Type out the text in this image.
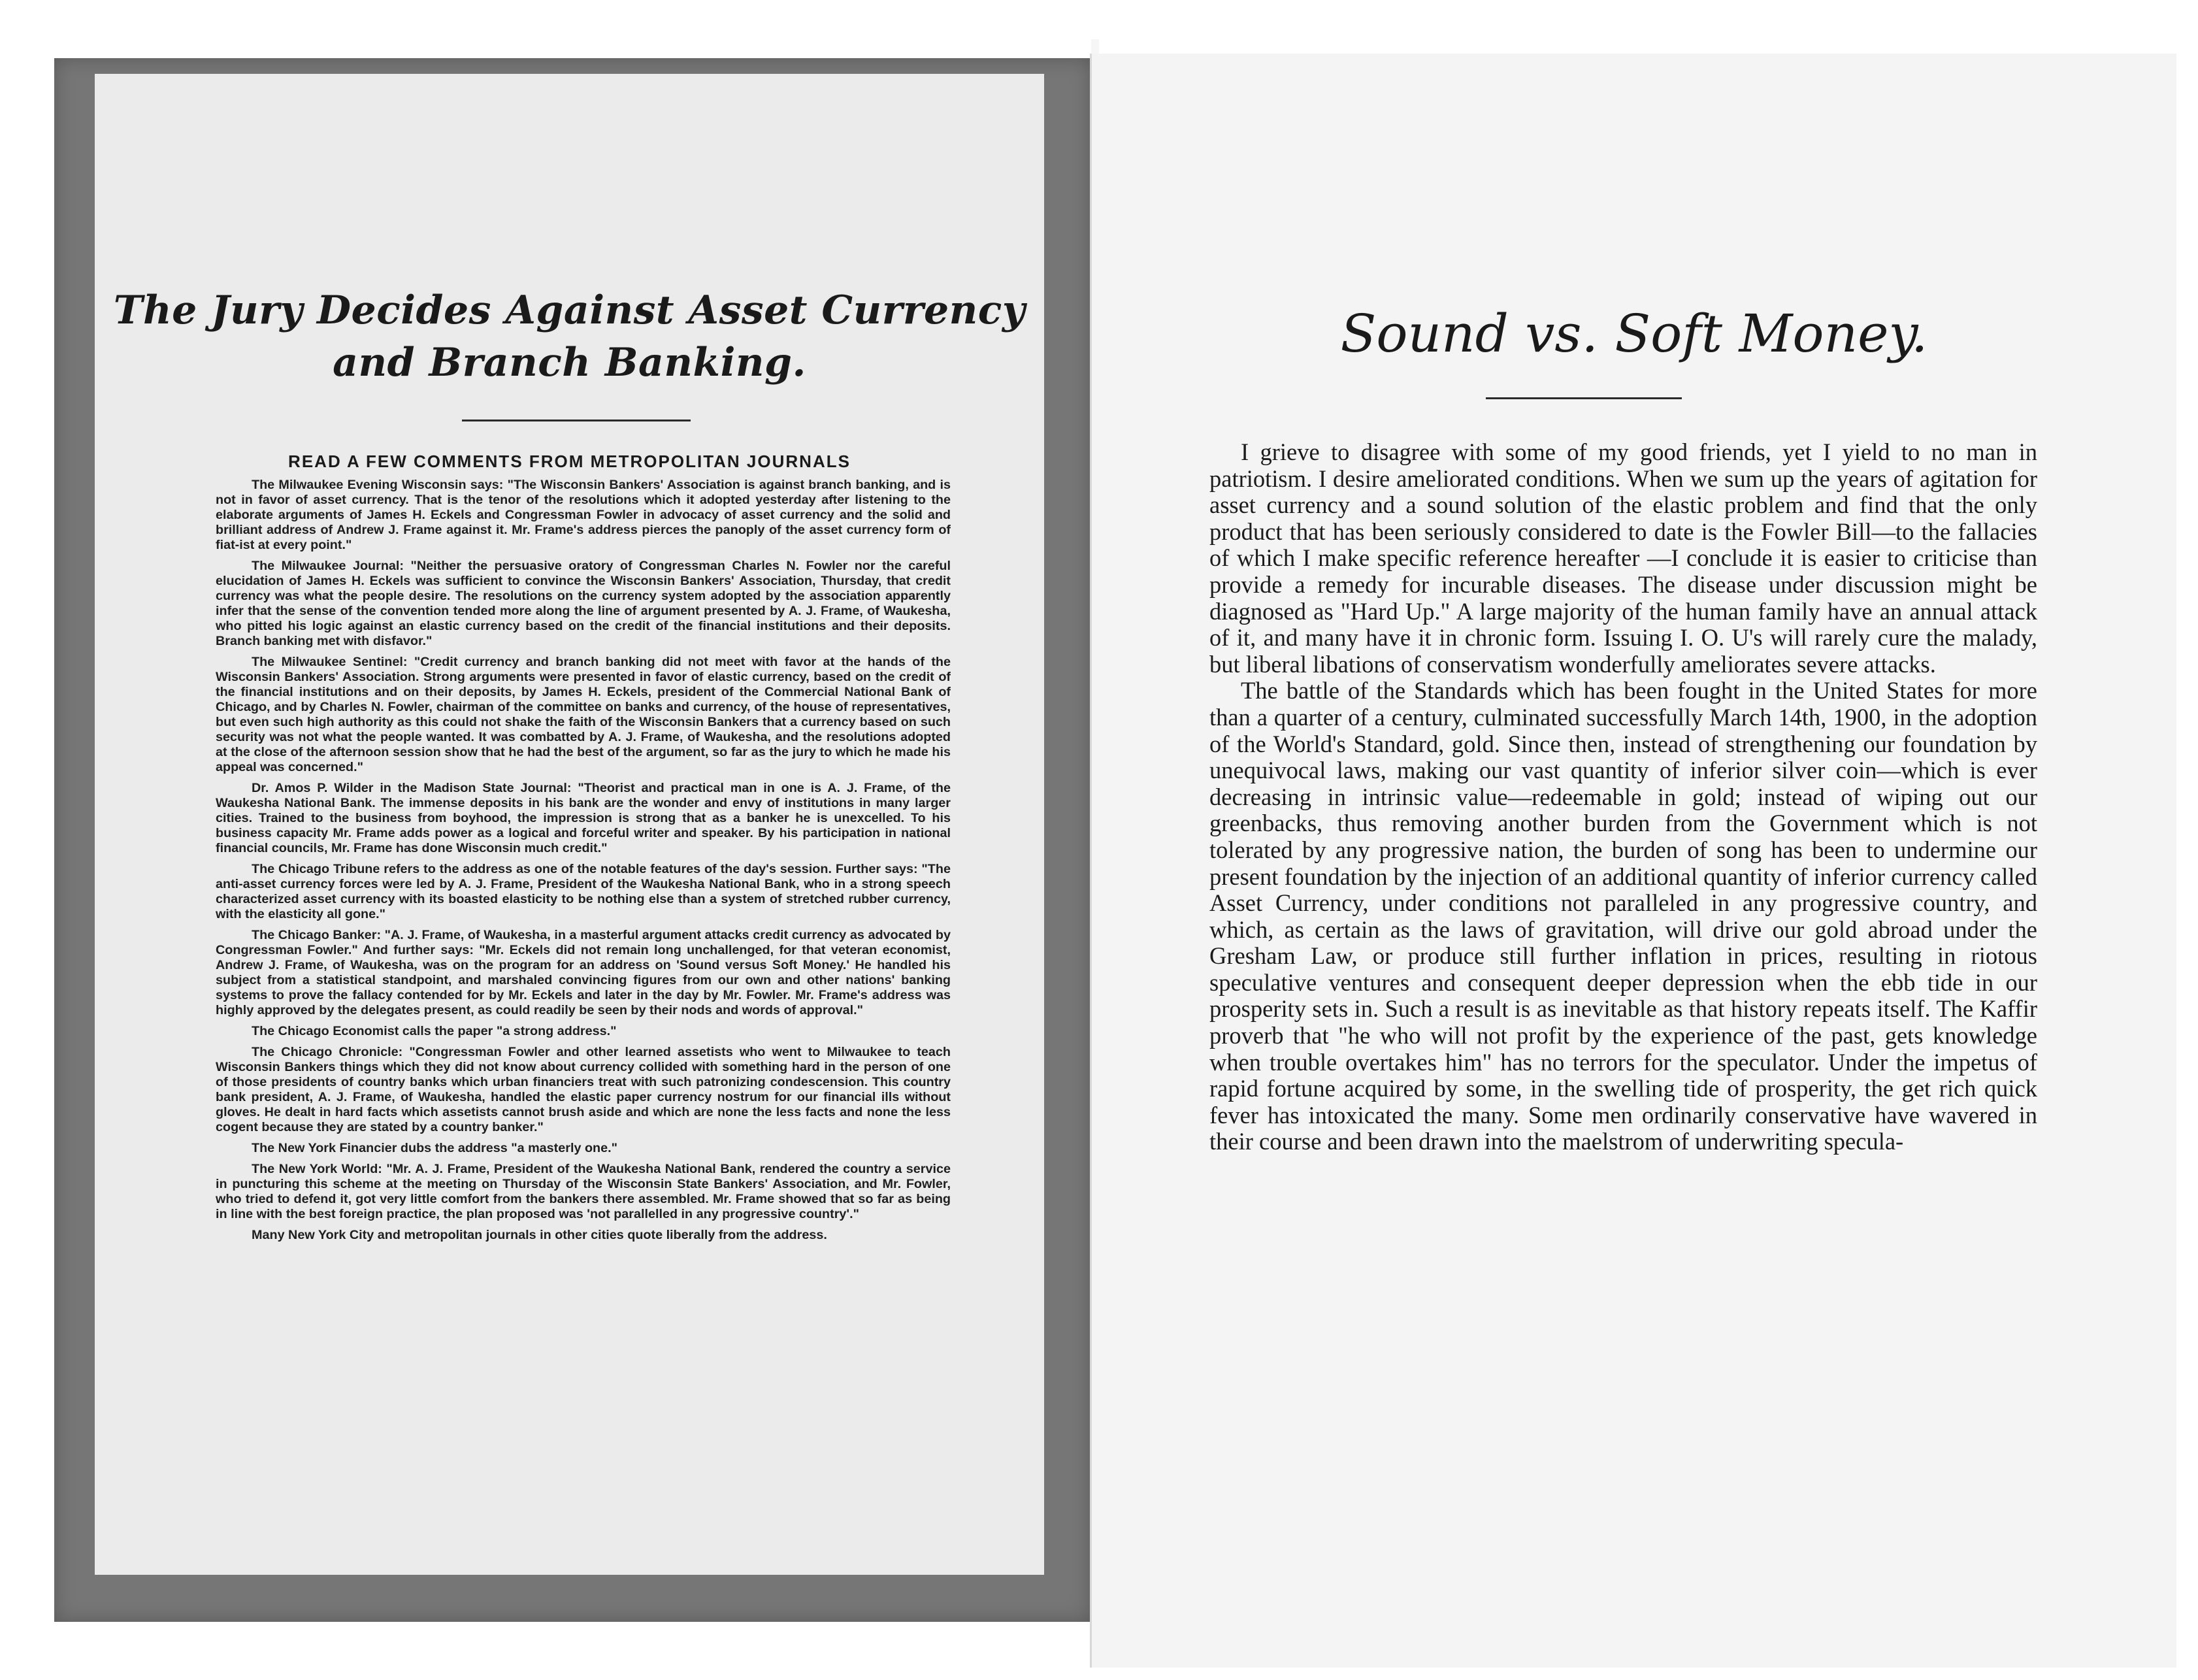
The Jury Decides Against Asset Currency
and Branch Banking.
READ A FEW COMMENTS FROM METROPOLITAN JOURNALS

The Milwaukee Evening Wisconsin says: "The Wisconsin Bankers' Association is against branch banking, and is not in favor of asset currency. That is the tenor of the resolutions which it adopted yesterday after listening to the elaborate arguments of James H. Eckels and Congressman Fowler in advocacy of asset currency and the solid and brilliant address of Andrew J. Frame against it. Mr. Frame's address pierces the panoply of the asset currency form of fiat-ist at every point."

The Milwaukee Journal: "Neither the persuasive oratory of Congressman Charles N. Fowler nor the careful elucidation of James H. Eckels was sufficient to convince the Wisconsin Bankers' Association, Thursday, that credit currency was what the people desire. The resolutions on the currency system adopted by the association apparently infer that the sense of the convention tended more along the line of argument presented by A. J. Frame, of Waukesha, who pitted his logic against an elastic currency based on the credit of the financial institutions and their deposits. Branch banking met with disfavor."

The Milwaukee Sentinel: "Credit currency and branch banking did not meet with favor at the hands of the Wisconsin Bankers' Association. Strong arguments were presented in favor of elastic currency, based on the credit of the financial institutions and on their deposits, by James H. Eckels, president of the Commercial National Bank of Chicago, and by Charles N. Fowler, chairman of the committee on banks and currency, of the house of representatives, but even such high authority as this could not shake the faith of the Wisconsin Bankers that a currency based on such security was not what the people wanted. It was combatted by A. J. Frame, of Waukesha, and the resolutions adopted at the close of the afternoon session show that he had the best of the argument, so far as the jury to which he made his appeal was concerned."

Dr. Amos P. Wilder in the Madison State Journal: "Theorist and practical man in one is A. J. Frame, of the Waukesha National Bank. The immense deposits in his bank are the wonder and envy of institutions in many larger cities. Trained to the business from boyhood, the impression is strong that as a banker he is unexcelled. To his business capacity Mr. Frame adds power as a logical and forceful writer and speaker. By his participation in national financial councils, Mr. Frame has done Wisconsin much credit."

The Chicago Tribune refers to the address as one of the notable features of the day's session. Further says: "The anti-asset currency forces were led by A. J. Frame, President of the Waukesha National Bank, who in a strong speech characterized asset currency with its boasted elasticity to be nothing else than a system of stretched rubber currency, with the elasticity all gone."

The Chicago Banker: "A. J. Frame, of Waukesha, in a masterful argument attacks credit currency as advocated by Congressman Fowler." And further says: "Mr. Eckels did not remain long unchallenged, for that veteran economist, Andrew J. Frame, of Waukesha, was on the program for an address on 'Sound versus Soft Money.' He handled his subject from a statistical standpoint, and marshaled convincing figures from our own and other nations' banking systems to prove the fallacy contended for by Mr. Eckels and later in the day by Mr. Fowler. Mr. Frame's address was highly approved by the delegates present, as could readily be seen by their nods and words of approval."

The Chicago Economist calls the paper "a strong address."

The Chicago Chronicle: "Congressman Fowler and other learned assetists who went to Milwaukee to teach Wisconsin Bankers things which they did not know about currency collided with something hard in the person of one of those presidents of country banks which urban financiers treat with such patronizing condescension. This country bank president, A. J. Frame, of Waukesha, handled the elastic paper currency nostrum for our financial ills without gloves. He dealt in hard facts which assetists cannot brush aside and which are none the less facts and none the less cogent because they are stated by a country banker."

The New York Financier dubs the address "a masterly one."

The New York World: "Mr. A. J. Frame, President of the Waukesha National Bank, rendered the country a service in puncturing this scheme at the meeting on Thursday of the Wisconsin State Bankers' Association, and Mr. Fowler, who tried to defend it, got very little comfort from the bankers there assembled. Mr. Frame showed that so far as being in line with the best foreign practice, the plan proposed was 'not parallelled in any progressive country'."

Many New York City and metropolitan journals in other cities quote liberally from the address.

Sound vs. Soft Money.

I grieve to disagree with some of my good friends, yet I yield to no man in patriotism. I desire ameliorated conditions. When we sum up the years of agitation for asset currency and a sound solution of the elastic problem and find that the only product that has been seriously considered to date is the Fowler Bill—to the fallacies of which I make specific reference hereafter —I conclude it is easier to criticise than provide a remedy for incurable diseases. The disease under discussion might be diagnosed as "Hard Up." A large majority of the human family have an annual attack of it, and many have it in chronic form. Issuing I. O. U's will rarely cure the malady, but liberal libations of conservatism wonderfully ameliorates severe attacks.

The battle of the Standards which has been fought in the United States for more than a quarter of a century, culminated successfully March 14th, 1900, in the adoption of the World's Standard, gold. Since then, instead of strengthening our foundation by unequivocal laws, making our vast quantity of inferior silver coin—which is ever decreasing in intrinsic value—redeemable in gold; instead of wiping out our greenbacks, thus removing another burden from the Government which is not tolerated by any progressive nation, the burden of song has been to undermine our present foundation by the injection of an additional quantity of inferior currency called Asset Currency, under conditions not paralleled in any progressive country, and which, as certain as the laws of gravitation, will drive our gold abroad under the Gresham Law, or produce still further inflation in prices, resulting in riotous speculative ventures and consequent deeper depression when the ebb tide in our prosperity sets in. Such a result is as inevitable as that history repeats itself. The Kaffir proverb that "he who will not profit by the experience of the past, gets knowledge when trouble overtakes him" has no terrors for the speculator. Under the impetus of rapid fortune acquired by some, in the swelling tide of prosperity, the get rich quick fever has intoxicated the many. Some men ordinarily conservative have wavered in their course and been drawn into the maelstrom of underwriting specula-
